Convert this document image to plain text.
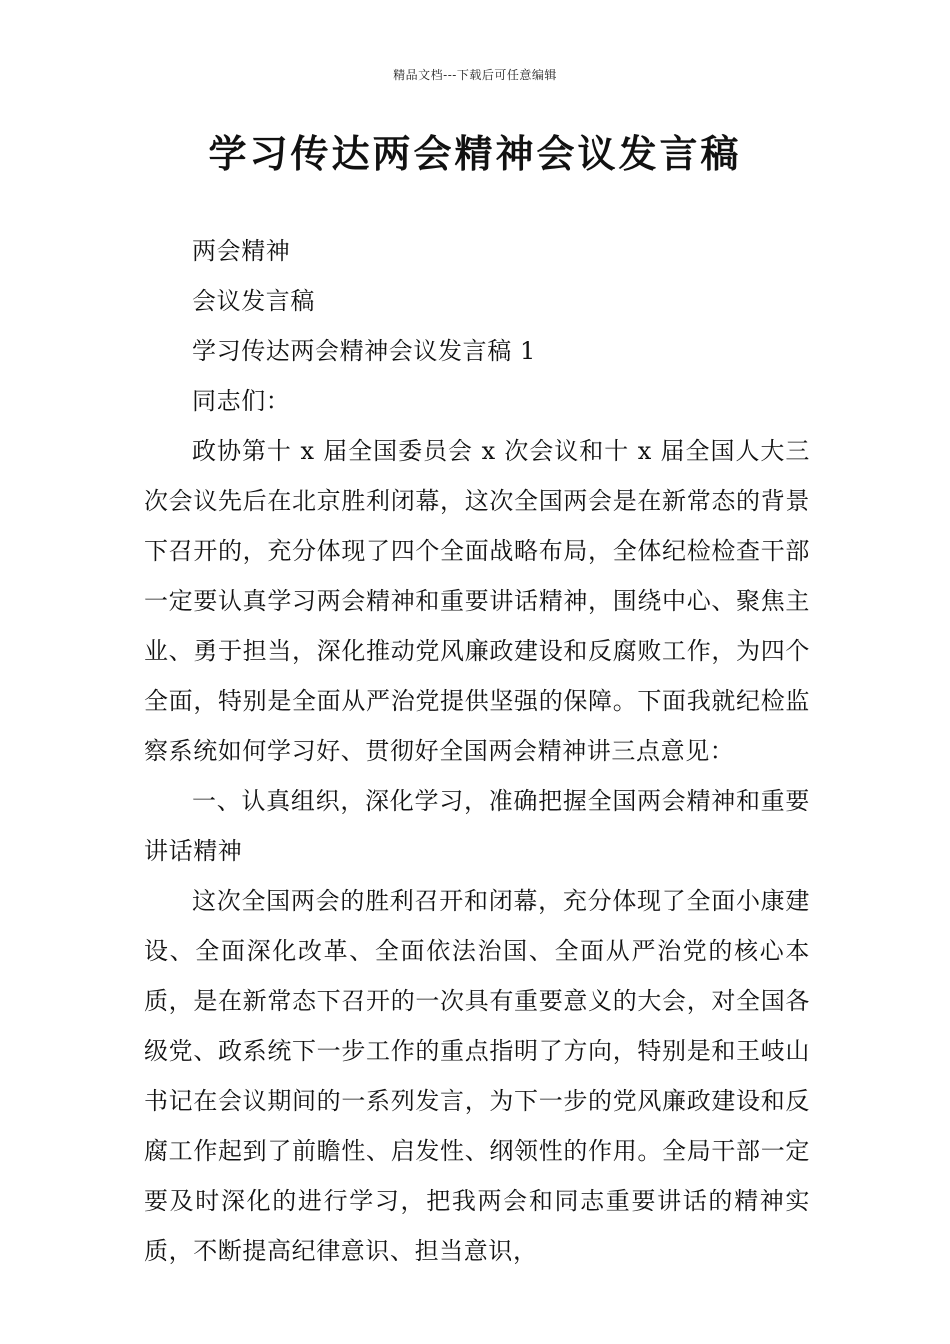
精品文档---下载后可任意编辑
学习传达两会精神会议发言稿

两会精神

会议发言稿

学习传达两会精神会议发言稿 1

同志们：

政协第十 x 届全国委员会 x 次会议和十 x 届全国人大三次会议先后在北京胜利闭幕，这次全国两会是在新常态的背景下召开的，充分体现了四个全面战略布局，全体纪检检查干部一定要认真学习两会精神和重要讲话精神，围绕中心、聚焦主业、勇于担当，深化推动党风廉政建设和反腐败工作，为四个全面，特别是全面从严治党提供坚强的保障。下面我就纪检监察系统如何学习好、贯彻好全国两会精神讲三点意见：

一、认真组织，深化学习，准确把握全国两会精神和重要讲话精神

这次全国两会的胜利召开和闭幕，充分体现了全面小康建设、全面深化改革、全面依法治国、全面从严治党的核心本质，是在新常态下召开的一次具有重要意义的大会，对全国各级党、政系统下一步工作的重点指明了方向，特别是和王岐山书记在会议期间的一系列发言，为下一步的党风廉政建设和反腐工作起到了前瞻性、启发性、纲领性的作用。全局干部一定要及时深化的进行学习，把我两会和同志重要讲话的精神实质，不断提高纪律意识、担当意识，
